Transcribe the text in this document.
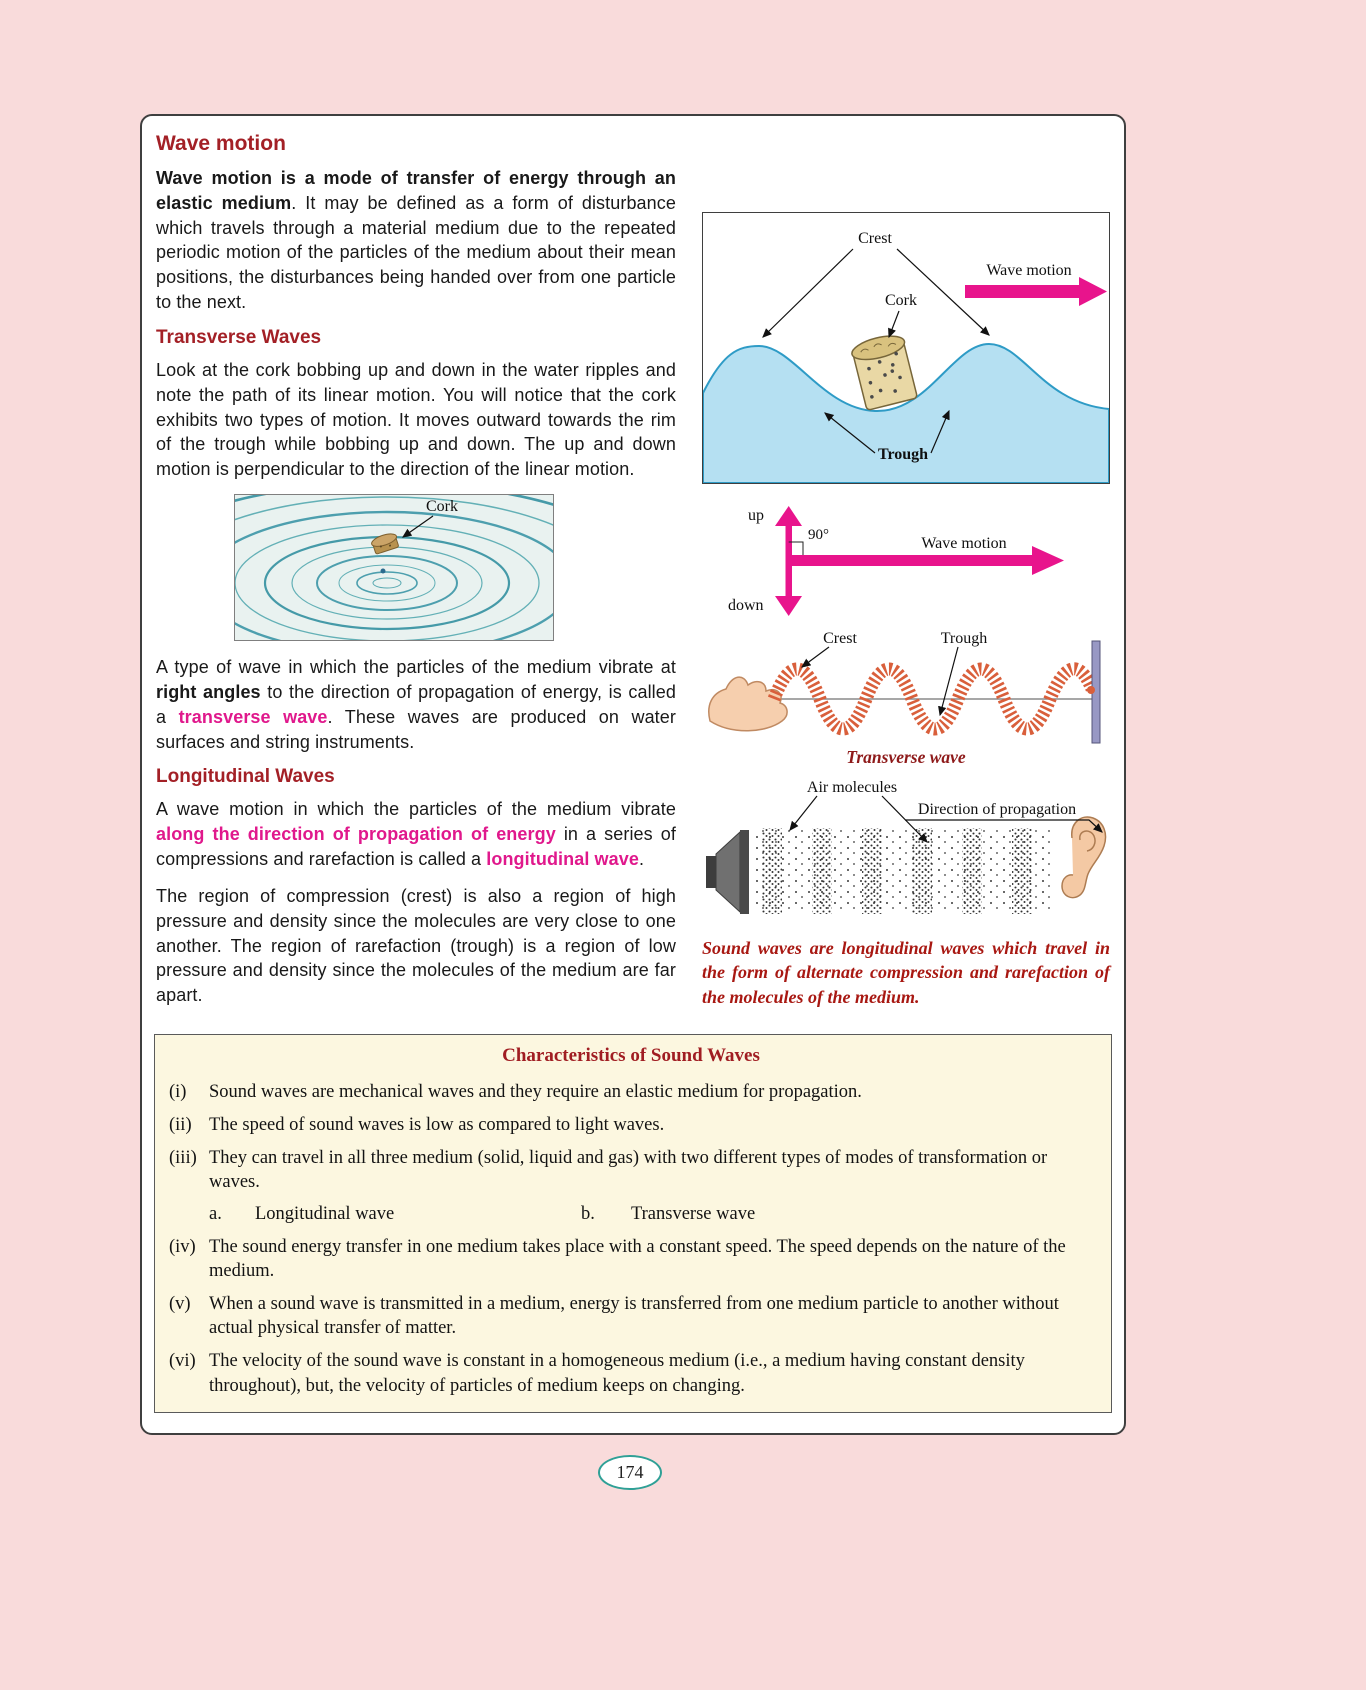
Wave motion

Wave motion is a mode of transfer of energy through an elastic medium. It may be defined as a form of disturbance which travels through a material medium due to the repeated periodic motion of the particles of the medium about their mean positions, the disturbances being handed over from one particle to the next.

Transverse Waves

Look at the cork bobbing up and down in the water ripples and note the path of its linear motion. You will notice that the cork exhibits two types of motion. It moves outward towards the rim of the trough while bobbing up and down. The up and down motion is perpendicular to the direction of the linear motion.

Cork

A type of wave in which the particles of the medium vibrate at right angles to the direction of propagation of energy, is called a transverse wave. These waves are produced on water surfaces and string instruments.

Longitudinal Waves

A wave motion in which the particles of the medium vibrate along the direction of propagation of energy in a series of compressions and rarefaction is called a longitudinal wave.

The region of compression (crest) is also a region of high pressure and density since the molecules are very close to one another. The region of rarefaction (trough) is a region of low pressure and density since the molecules of the medium are far apart.

Crest
Cork
Wave motion
Trough
up
down
90°	Wave motion
Crest	Trough
Transverse wave
Air molecules
Direction of propagation
Sound waves are longitudinal waves which travel in the form of alternate compression and rarefaction of the molecules of the medium.
Characteristics of Sound Waves
(i)	Sound waves are mechanical waves and they require an elastic medium for propagation.
(ii) The speed of sound waves is low as compared to light waves.
(iii) They can travel in all three medium (solid, liquid and gas) with two different types of modes of transformation or waves.
a.	Longitudinal wave	b.	Transverse wave
(iv) The sound energy transfer in one medium takes place with a constant speed. The speed depends on the nature of the medium.
(v) When a sound wave is transmitted in a medium, energy is transferred from one medium particle to another without actual physical transfer of matter.
(vi) The velocity of the sound wave is constant in a homogeneous medium (i.e., a medium having constant density throughout), but, the velocity of particles of medium keeps on changing.
174
